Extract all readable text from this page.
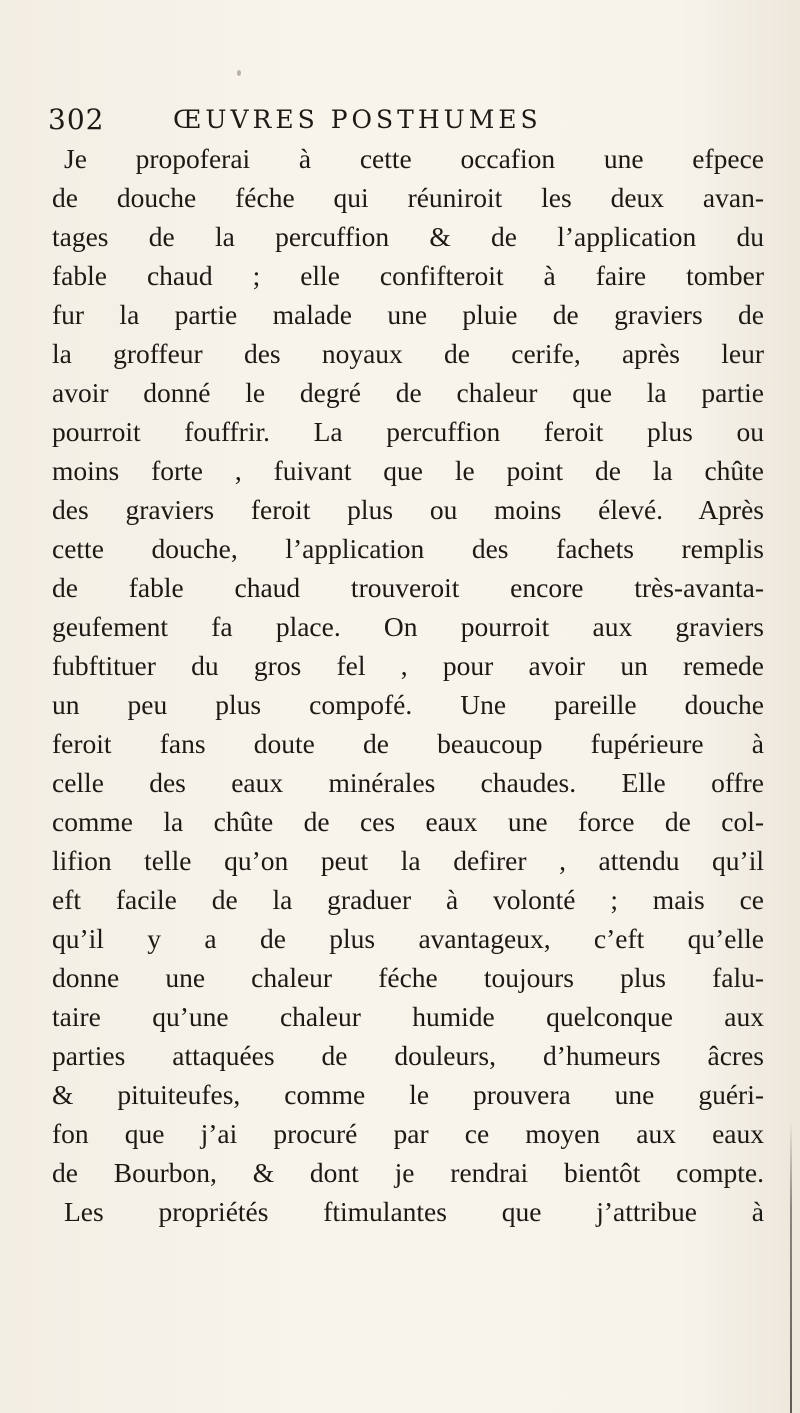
302	ŒUVRES POSTHUMES
Je propoferai à cette occafion une efpece
de douche féche qui réuniroit les deux avan-
tages de la percuffion & de l’application du
fable chaud ; elle confifteroit à faire tomber
fur la partie malade une pluie de graviers de
la groffeur des noyaux de cerife, après leur
avoir donné le degré de chaleur que la partie
pourroit fouffrir. La percuffion feroit plus ou
moins forte , fuivant que le point de la chûte
des graviers feroit plus ou moins élevé. Après
cette douche, l’application des fachets remplis
de fable chaud trouveroit encore très-avanta-
geufement fa place. On pourroit aux graviers
fubftituer du gros fel , pour avoir un remede
un peu plus compofé. Une pareille douche
feroit fans doute de beaucoup fupérieure à
celle des eaux minérales chaudes. Elle offre
comme la chûte de ces eaux une force de col-
lifion telle qu’on peut la defirer , attendu qu’il
eft facile de la graduer à volonté ; mais ce
qu’il y a de plus avantageux, c’eft qu’elle
donne une chaleur féche toujours plus falu-
taire qu’une chaleur humide quelconque aux
parties attaquées de douleurs, d’humeurs âcres
& pituiteufes, comme le prouvera une guéri-
fon que j’ai procuré par ce moyen aux eaux
de Bourbon, & dont je rendrai bientôt compte.
Les propriétés ftimulantes que j’attribue à
